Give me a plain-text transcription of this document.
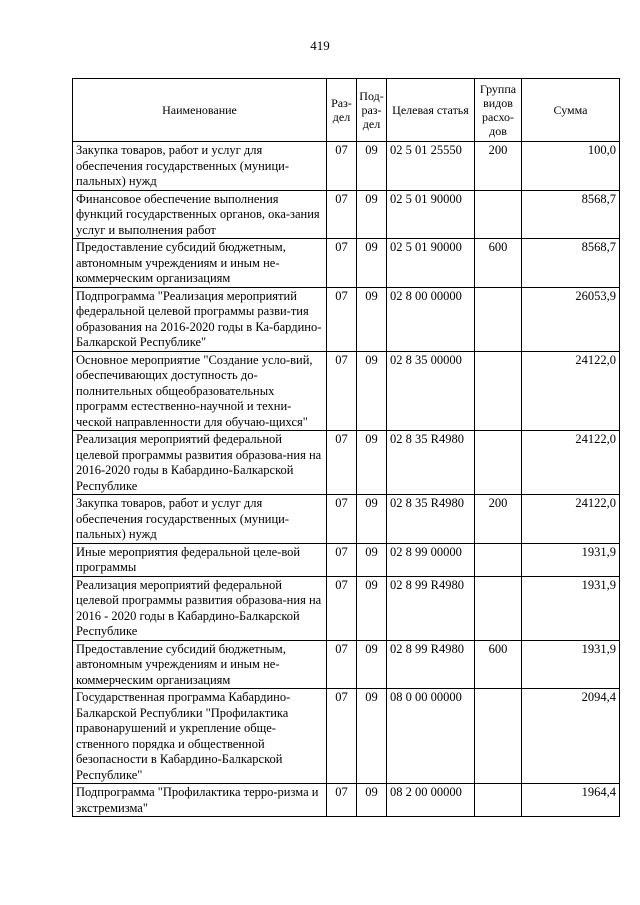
419
Наименование	Раз-дел	Под-раз-дел	Целевая статья	Группа видов расхо-дов	Сумма
Закупка товаров, работ и услуг для обеспечения государственных (муници-пальных) нужд	07	09	02 5 01 25550	200	100,0
Финансовое обеспечение выполнения функций государственных органов, ока-зания услуг и выполнения работ	07	09	02 5 01 90000		8568,7
Предоставление субсидий бюджетным, автономным учреждениям и иным не-коммерческим организациям	07	09	02 5 01 90000	600	8568,7
Подпрограмма "Реализация мероприятий федеральной целевой программы разви-тия образования на 2016-2020 годы в Ка-бардино-Балкарской Республике"	07	09	02 8 00 00000		26053,9
Основное мероприятие "Создание усло-вий, обеспечивающих доступность до-полнительных общеобразовательных программ естественно-научной и техни-ческой направленности для обучаю-щихся"	07	09	02 8 35 00000		24122,0
Реализация мероприятий федеральной целевой программы развития образова-ния на 2016-2020 годы в Кабардино-Балкарской Республике	07	09	02 8 35 R4980		24122,0
Закупка товаров, работ и услуг для обеспечения государственных (муници-пальных) нужд	07	09	02 8 35 R4980	200	24122,0
Иные мероприятия федеральной целе-вой программы	07	09	02 8 99 00000		1931,9
Реализация мероприятий федеральной целевой программы развития образова-ния на 2016 - 2020 годы в Кабардино-Балкарской Республике	07	09	02 8 99 R4980		1931,9
Предоставление субсидий бюджетным, автономным учреждениям и иным не-коммерческим организациям	07	09	02 8 99 R4980	600	1931,9
Государственная программа Кабардино-Балкарской Республики "Профилактика правонарушений и укрепление обще-ственного порядка и общественной безопасности в Кабардино-Балкарской Республике"	07	09	08 0 00 00000		2094,4
Подпрограмма "Профилактика терро-ризма и экстремизма"	07	09	08 2 00 00000		1964,4
